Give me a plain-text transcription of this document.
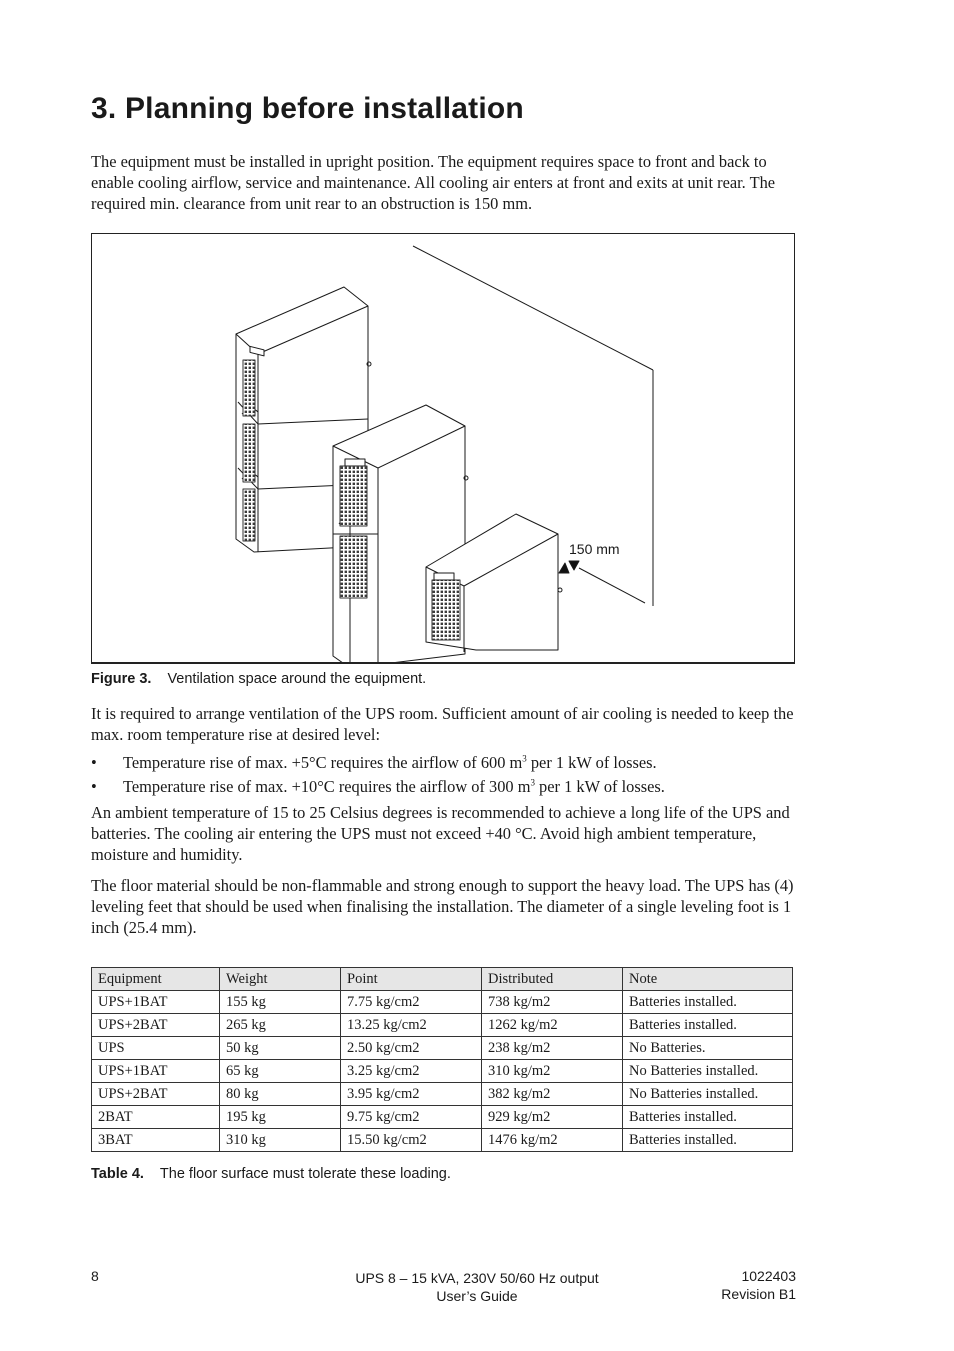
3. Planning before installation

The equipment must be installed in upright position. The equipment requires space to front and back to enable cooling airflow, service and maintenance. All cooling air enters at front and exits at unit rear. The required min. clearance from unit rear to an obstruction is 150 mm.

150 mm
Figure 3. Ventilation space around the equipment.

It is required to arrange ventilation of the UPS room. Sufficient amount of air cooling is needed to keep the max. room temperature rise at desired level:

• Temperature rise of max. +5°C requires the airflow of 600 $m^3$ per 1 kW of losses.
• Temperature rise of max. +10°C requires the airflow of 300 $m^3$ per 1 kW of losses.

An ambient temperature of 15 to 25 Celsius degrees is recommended to achieve a long life of the UPS and batteries. The cooling air entering the UPS must not exceed +40 °C. Avoid high ambient temperature, moisture and humidity.

The floor material should be non-flammable and strong enough to support the heavy load. The UPS has (4) leveling feet that should be used when finalising the installation. The diameter of a single leveling foot is 1 inch (25.4 mm).

Equipment	Weight	Point	Distributed	Note
UPS+1BAT	155 kg	7.75 kg/cm2	738 kg/m2	Batteries installed.
UPS+2BAT	265 kg	13.25 kg/cm2	1262 kg/m2	Batteries installed.
UPS	50 kg	2.50 kg/cm2	238 kg/m2	No Batteries.
UPS+1BAT	65 kg	3.25 kg/cm2	310 kg/m2	No Batteries installed.
UPS+2BAT	80 kg	3.95 kg/cm2	382 kg/m2	No Batteries installed.
2BAT	195 kg	9.75 kg/cm2	929 kg/m2	Batteries installed.
3BAT	310 kg	15.50 kg/cm2	1476 kg/m2	Batteries installed.
Table 4. The floor surface must tolerate these loading.
8	UPS 8 – 15 kVA, 230V 50/60 Hz output
User’s Guide
1022403
Revision B1
